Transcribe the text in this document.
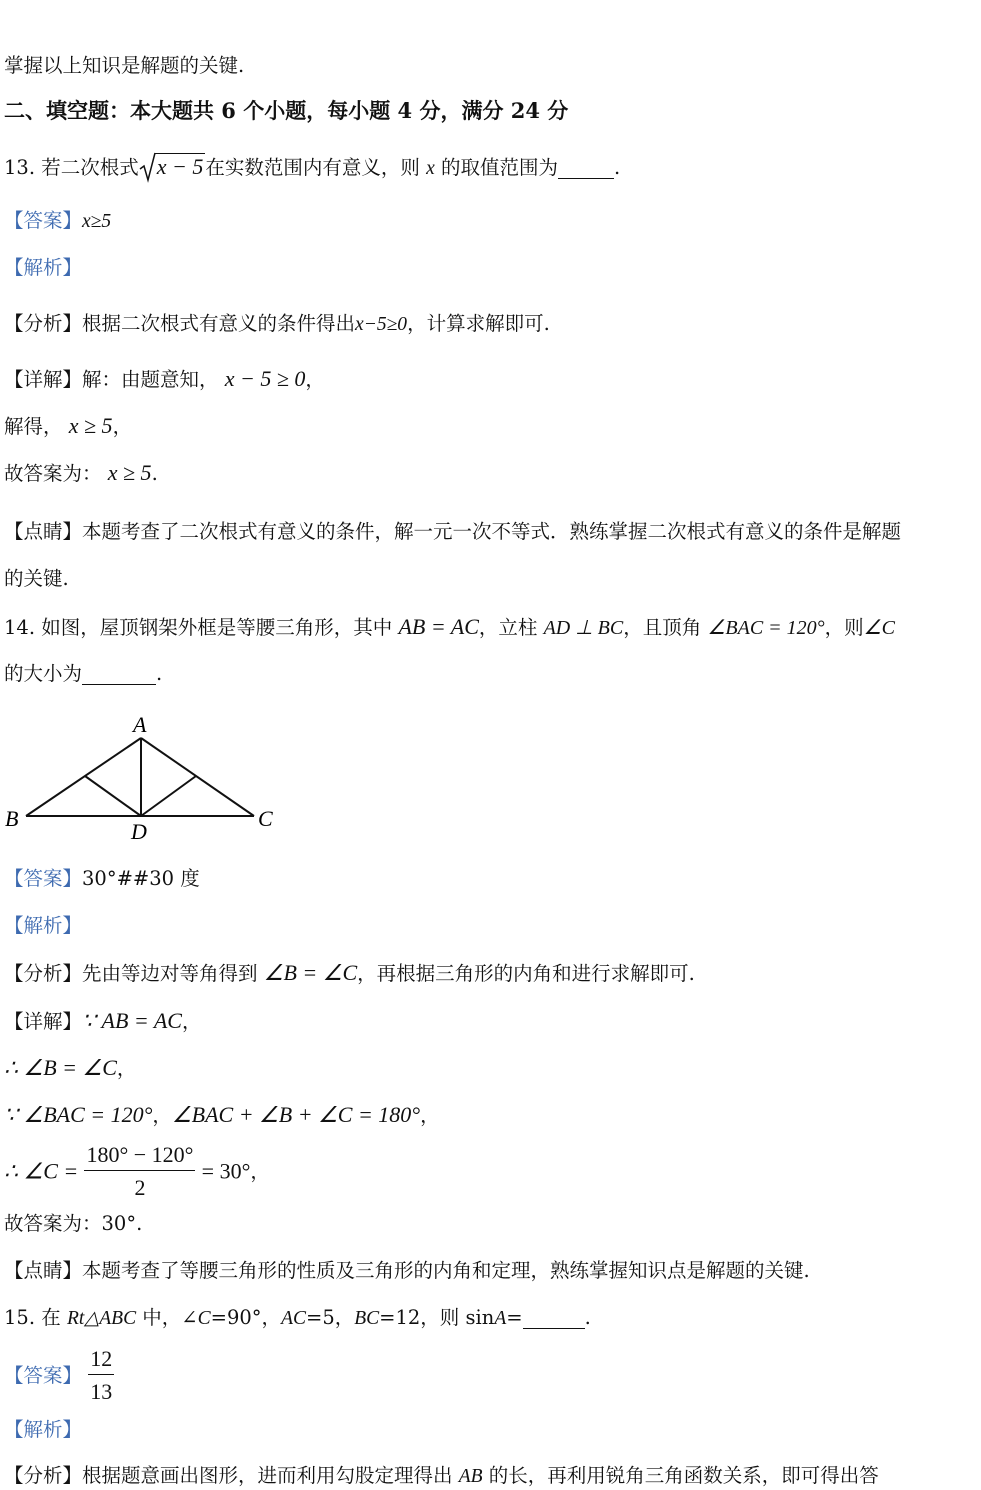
掌握以上知识是解题的关键.
二、填空题：本大题共 6 个小题，每小题 4 分，满分 24 分
13. 若二次根式 x − 5 在实数范围内有意义，则 x 的取值范围为	.
【答案】x≥5
【解析】
【分析】根据二次根式有意义的条件得出x−5≥0，计算求解即可.
【详解】解：由题意知， x − 5 ≥ 0，
解得， x ≥ 5，
故答案为： x ≥ 5.
【点睛】本题考查了二次根式有意义的条件，解一元一次不等式．熟练掌握二次根式有意义的条件是解题
的关键.
14. 如图，屋顶钢架外框是等腰三角形，其中 AB = AC，立柱 AD ⊥ BC，且顶角 ∠BAC = 120°，则∠C
的大小为	.
A
B	C
D
【答案】30°##30 度
【解析】
【分析】先由等边对等角得到 ∠B = ∠C，再根据三角形的内角和进行求解即可.
【详解】∵ AB = AC，
∴ ∠B = ∠C，
∵ ∠BAC = 120°，∠BAC + ∠B + ∠C = 180°，
∴ ∠C = $\frac{180^\circ - 120^\circ}{2} = 30^\circ$，
故答案为：30°.
【点睛】本题考查了等腰三角形的性质及三角形的内角和定理，熟练掌握知识点是解题的关键.
15. 在 Rt△ABC 中，∠C=90°，AC=5，BC=12，则 sinA=	.
【答案】 $\frac{12}{13}$
【解析】
【分析】根据题意画出图形，进而利用勾股定理得出 AB 的长，再利用锐角三角函数关系，即可得出答
